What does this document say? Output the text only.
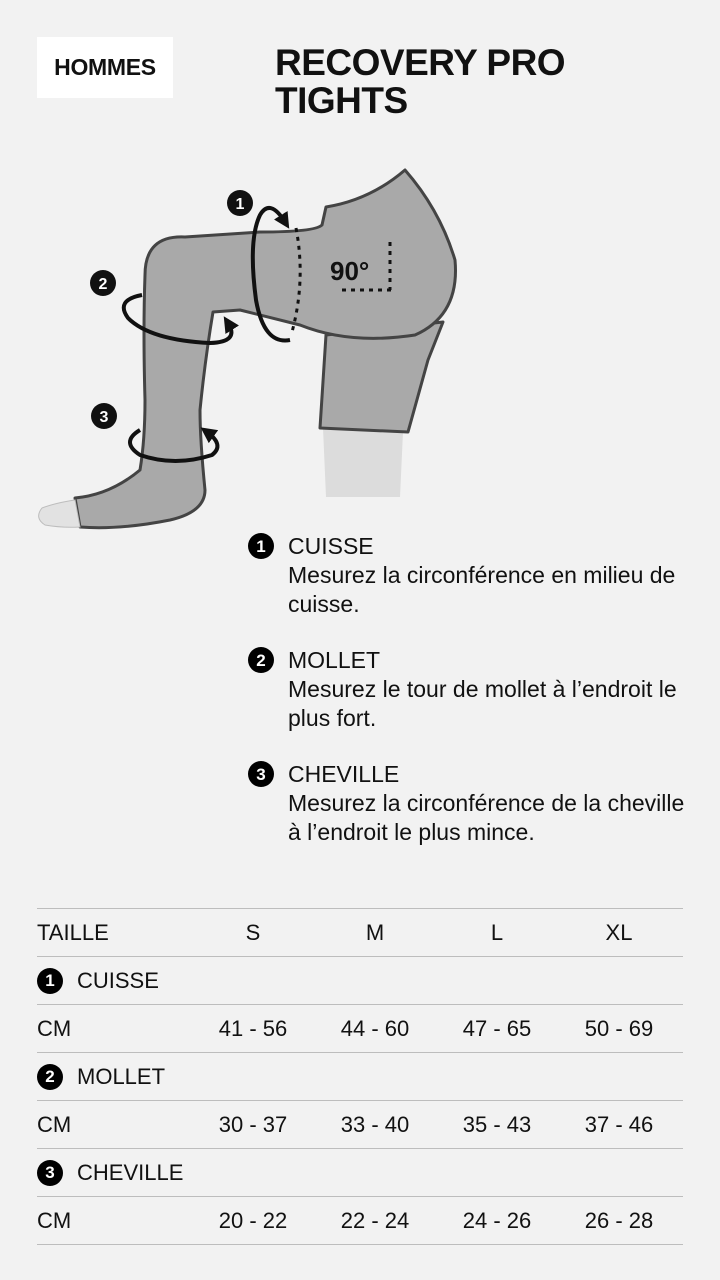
HOMMES	RECOVERY PRO
TIGHTS
90°
1
2
3
1 CUISSE
Mesurez la circonférence en milieu de cuisse.
2 MOLLET
Mesurez le tour de mollet à l’endroit le plus fort.
3 CHEVILLE
Mesurez la circonférence de la cheville à l’endroit le plus mince.
TAILLE	S	M	L	XL
1	CUISSE
CM	41 - 56	44 - 60	47 - 65	50 - 69
2	MOLLET
CM	30 - 37	33 - 40	35 - 43	37 - 46
3	CHEVILLE
CM	20 - 22	22 - 24	24 - 26	26 - 28
